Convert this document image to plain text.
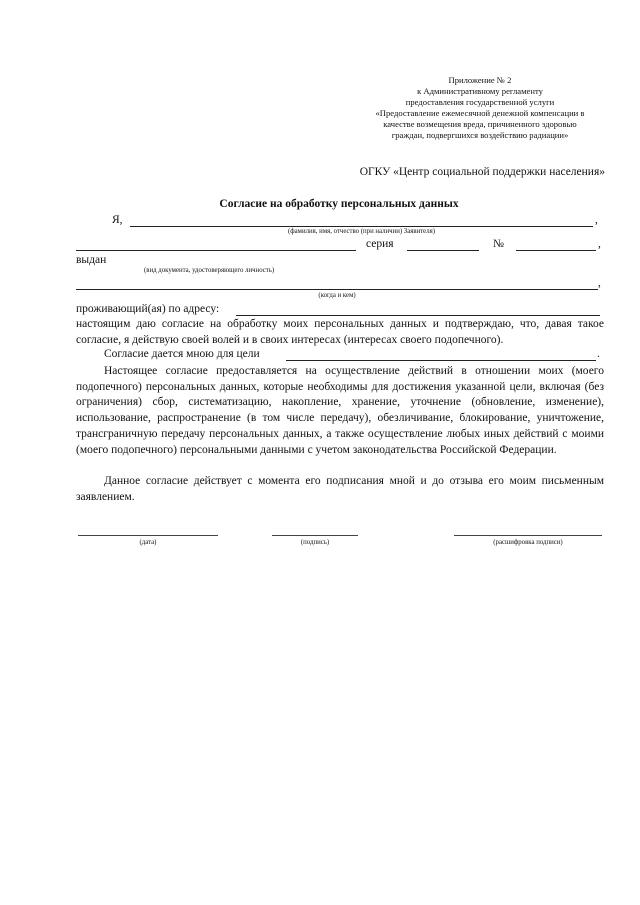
Приложение № 2
к Административному регламенту
предоставления государственной услуги
«Предоставление ежемесячной денежной компенсации в
качестве возмещения вреда, причиненного здоровью
граждан, подвергшихся воздействию радиации»
ОГКУ «Центр социальной поддержки населения»
Согласие на обработку персональных данных
Я,	,
(фамилия, имя, отчество (при наличии) Заявителя)
серия	№	,
выдан
(вид документа, удостоверяющего личность)
,
(когда и кем)
проживающий(ая) по адресу:

настоящим даю согласие на обработку моих персональных данных и подтверждаю, что, давая такое согласие, я действую своей волей и в своих интересах (интересах своего подопечного).

Согласие дается мною для цели	.

Настоящее согласие предоставляется на осуществление действий в отношении моих (моего подопечного) персональных данных, которые необходимы для достижения указанной цели, включая (без ограничения) сбор, систематизацию, накопление, хранение, уточнение (обновление, изменение), использование, распространение (в том числе передачу), обезличивание, блокирование, уничтожение, трансграничную передачу персональных данных, а также осуществление любых иных действий с моими (моего подопечного) персональными данными с учетом законодательства Российской Федерации.

Данное согласие действует с момента его подписания мной и до отзыва его моим письменным заявлением.

(дата)	(подпись)	(расшифровка подписи)
